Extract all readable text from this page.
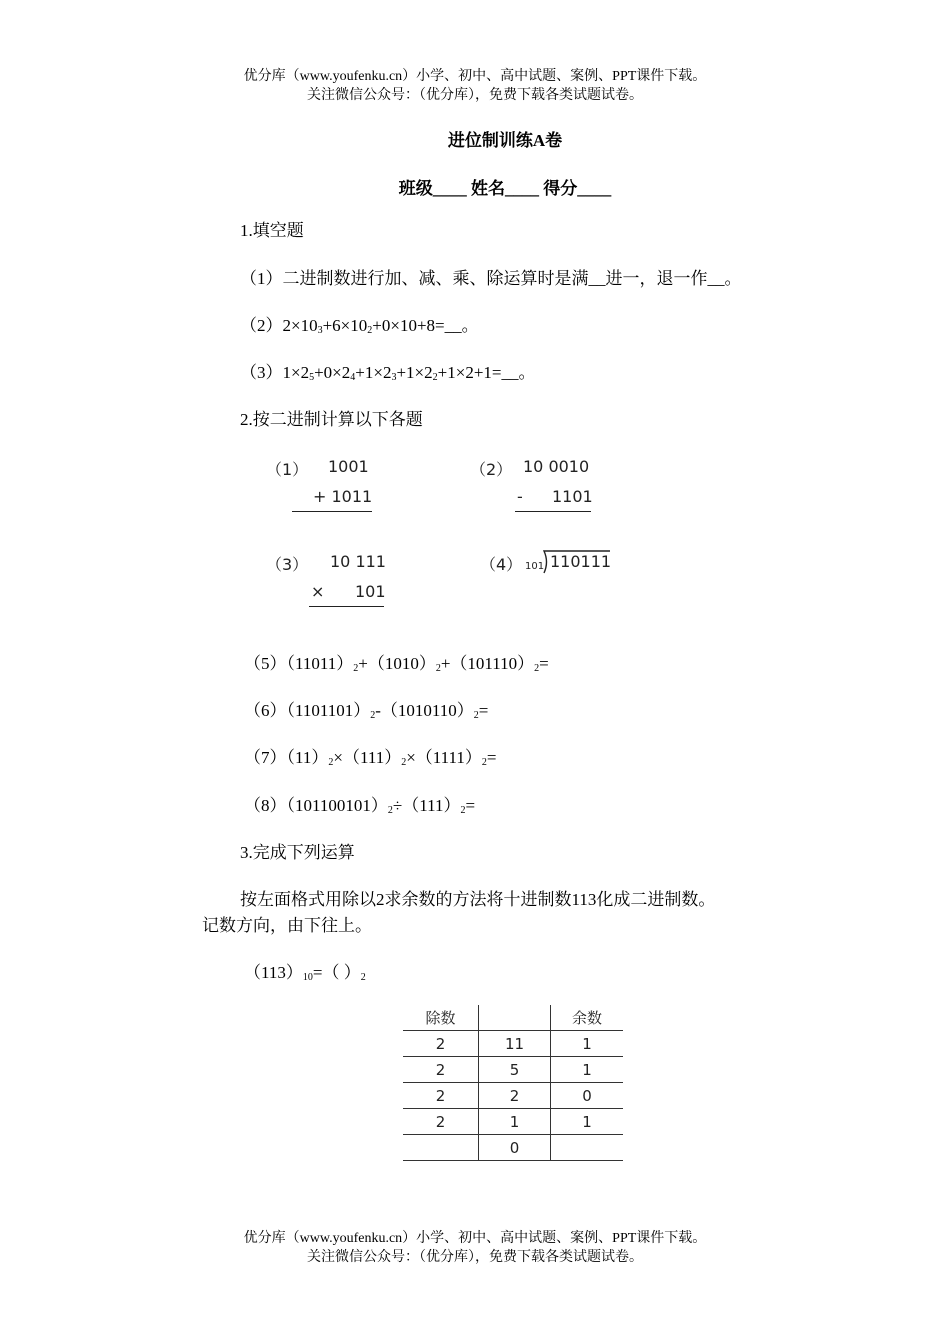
优分库（www.youfenku.cn）小学、初中、高中试题、案例、PPT课件下载。
关注微信公众号：（优分库），免费下载各类试题试卷。
进位制训练A卷
班级____ 姓名____ 得分____
1.填空题
（1）二进制数进行加、减、乘、除运算时是满__进一，退一作__。
$(2)2\times 10_3+6\times 10_2+0\times 10+8=\_\_$。
$(3)1\times 2_5+0\times 2_4+1\times 2_3+1\times 2_2+1\times 2+1=\_\_$。
2.按二进制计算以下各题
（1） 1001
+ 1011
（2） 10 0010
- 1101
（3） 10 111
× 101
（4） 101 110111
$(5)(11011)_2+(1010)_2+(101110)_2=$
$(6)(1101101)_2-(1010110)_2=$
$(7)(11)_2\times(111)_2\times(1111)_2=$
$(8)(101100101)_2\div(111)_2=$
3.完成下列运算
按左面格式用除以2求余数的方法将十进制数113化成二进制数。
记数方向，由下往上。
$(113)_{10}=$（ ）$_2$
除数		余数
2	11	1
2	5	1
2	2	0
2	1	1
	0	
优分库（www.youfenku.cn）小学、初中、高中试题、案例、PPT课件下载。
关注微信公众号：（优分库），免费下载各类试题试卷。
